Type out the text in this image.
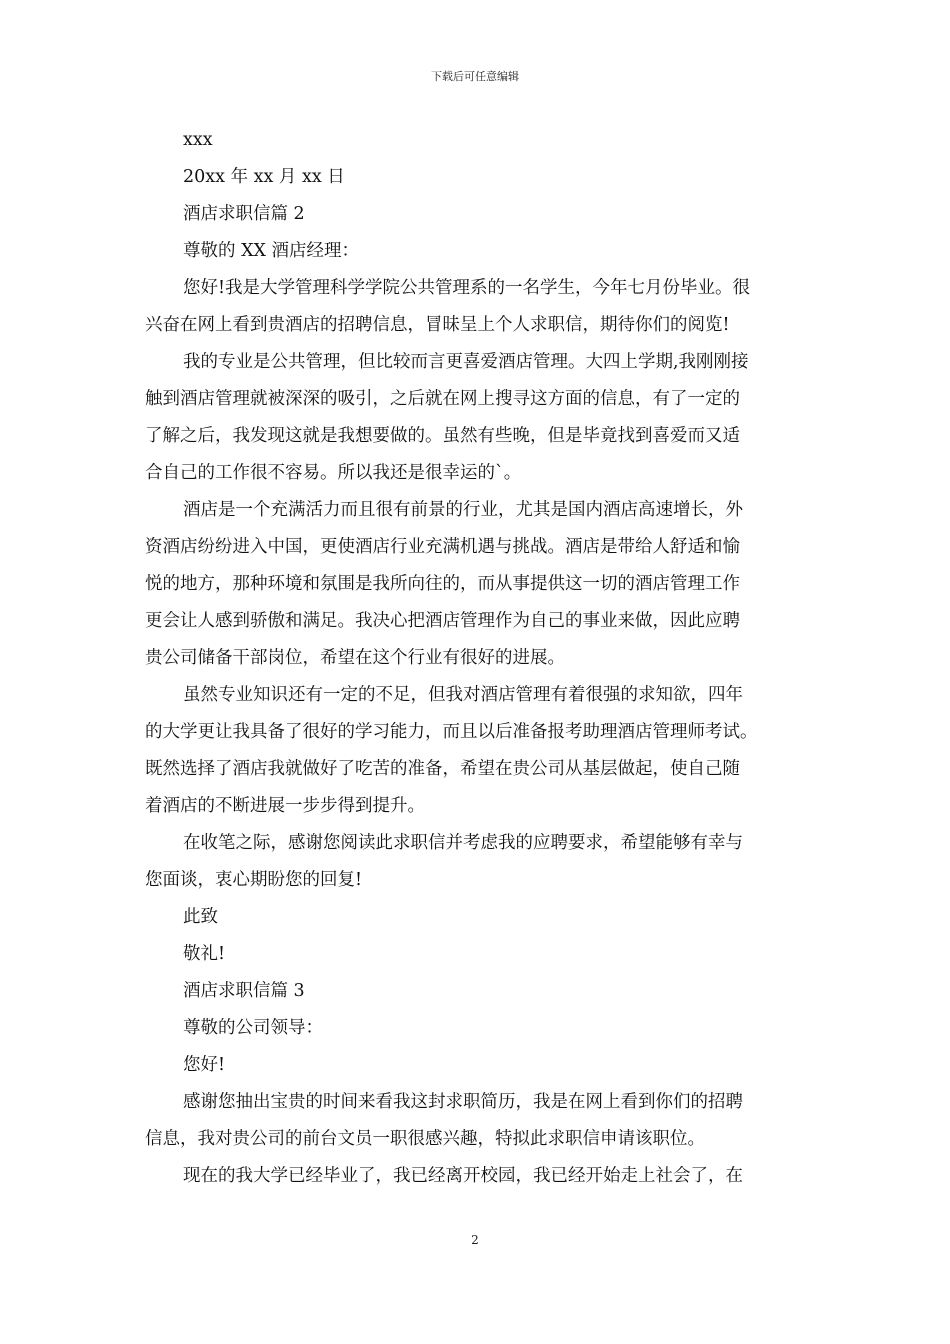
下载后可任意编辑

xxx

20xx 年 xx 月 xx 日

酒店求职信篇 2

尊敬的 XX 酒店经理：

您好!我是大学管理科学学院公共管理系的一名学生，今年七月份毕业。很

兴奋在网上看到贵酒店的招聘信息，冒昧呈上个人求职信，期待你们的阅览!

我的专业是公共管理，但比较而言更喜爱酒店管理。大四上学期,我刚刚接

触到酒店管理就被深深的吸引，之后就在网上搜寻这方面的信息，有了一定的

了解之后，我发现这就是我想要做的。虽然有些晚，但是毕竟找到喜爱而又适

合自己的工作很不容易。所以我还是很幸运的`。

酒店是一个充满活力而且很有前景的行业，尤其是国内酒店高速增长，外

资酒店纷纷进入中国，更使酒店行业充满机遇与挑战。酒店是带给人舒适和愉

悦的地方，那种环境和氛围是我所向往的，而从事提供这一切的酒店管理工作

更会让人感到骄傲和满足。我决心把酒店管理作为自己的事业来做，因此应聘

贵公司储备干部岗位，希望在这个行业有很好的进展。

虽然专业知识还有一定的不足，但我对酒店管理有着很强的求知欲，四年

的大学更让我具备了很好的学习能力，而且以后准备报考助理酒店管理师考试。

既然选择了酒店我就做好了吃苦的准备，希望在贵公司从基层做起，使自己随

着酒店的不断进展一步步得到提升。

在收笔之际，感谢您阅读此求职信并考虑我的应聘要求，希望能够有幸与

您面谈，衷心期盼您的回复!

此致

敬礼!

酒店求职信篇 3

尊敬的公司领导：

您好!

感谢您抽出宝贵的时间来看我这封求职简历，我是在网上看到你们的招聘

信息，我对贵公司的前台文员一职很感兴趣，特拟此求职信申请该职位。

现在的我大学已经毕业了，我已经离开校园，我已经开始走上社会了，在

2
